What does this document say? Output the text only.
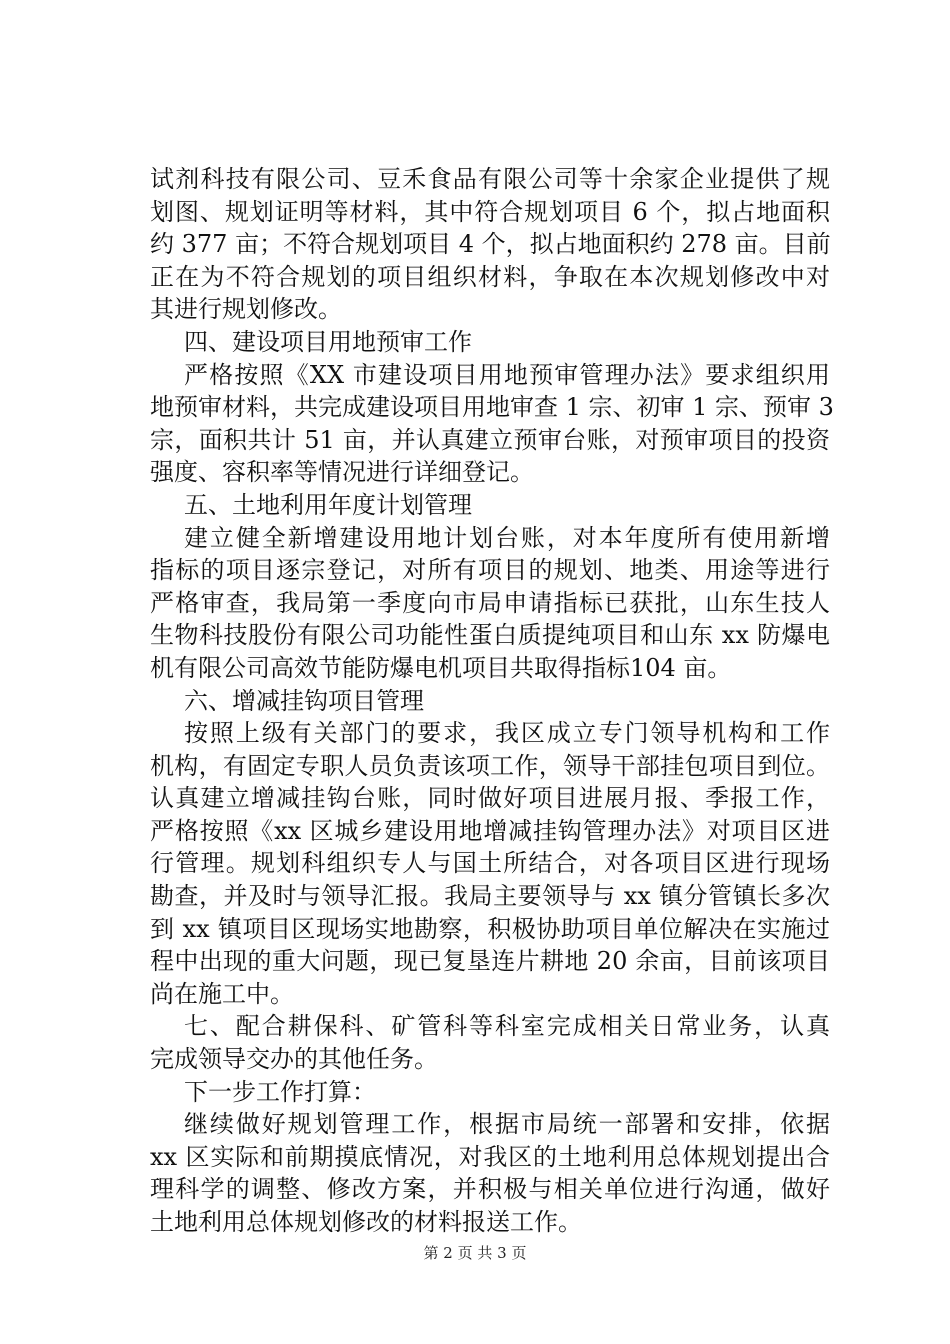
试剂科技有限公司、豆禾食品有限公司等十余家企业提供了规
划图、规划证明等材料，其中符合规划项目 6 个，拟占地面积
约 377 亩；不符合规划项目 4 个，拟占地面积约 278 亩。目前
正在为不符合规划的项目组织材料，争取在本次规划修改中对
其进行规划修改。
四、建设项目用地预审工作
严格按照《XX 市建设项目用地预审管理办法》要求组织用
地预审材料，共完成建设项目用地审查 1 宗、初审 1 宗、预审 3
宗，面积共计 51 亩，并认真建立预审台账，对预审项目的投资
强度、容积率等情况进行详细登记。
五、土地利用年度计划管理
建立健全新增建设用地计划台账，对本年度所有使用新增
指标的项目逐宗登记，对所有项目的规划、地类、用途等进行
严格审查，我局第一季度向市局申请指标已获批，山东生技人
生物科技股份有限公司功能性蛋白质提纯项目和山东 xx 防爆电
机有限公司高效节能防爆电机项目共取得指标104 亩。
六、增减挂钩项目管理
按照上级有关部门的要求，我区成立专门领导机构和工作
机构，有固定专职人员负责该项工作，领导干部挂包项目到位。
认真建立增减挂钩台账，同时做好项目进展月报、季报工作，
严格按照《xx 区城乡建设用地增减挂钩管理办法》对项目区进
行管理。规划科组织专人与国土所结合，对各项目区进行现场
勘查，并及时与领导汇报。我局主要领导与 xx 镇分管镇长多次
到 xx 镇项目区现场实地勘察，积极协助项目单位解决在实施过
程中出现的重大问题，现已复垦连片耕地 20 余亩，目前该项目
尚在施工中。
七、配合耕保科、矿管科等科室完成相关日常业务，认真
完成领导交办的其他任务。
下一步工作打算：
继续做好规划管理工作，根据市局统一部署和安排，依据
xx 区实际和前期摸底情况，对我区的土地利用总体规划提出合
理科学的调整、修改方案，并积极与相关单位进行沟通，做好
土地利用总体规划修改的材料报送工作。
第 2 页 共 3 页
